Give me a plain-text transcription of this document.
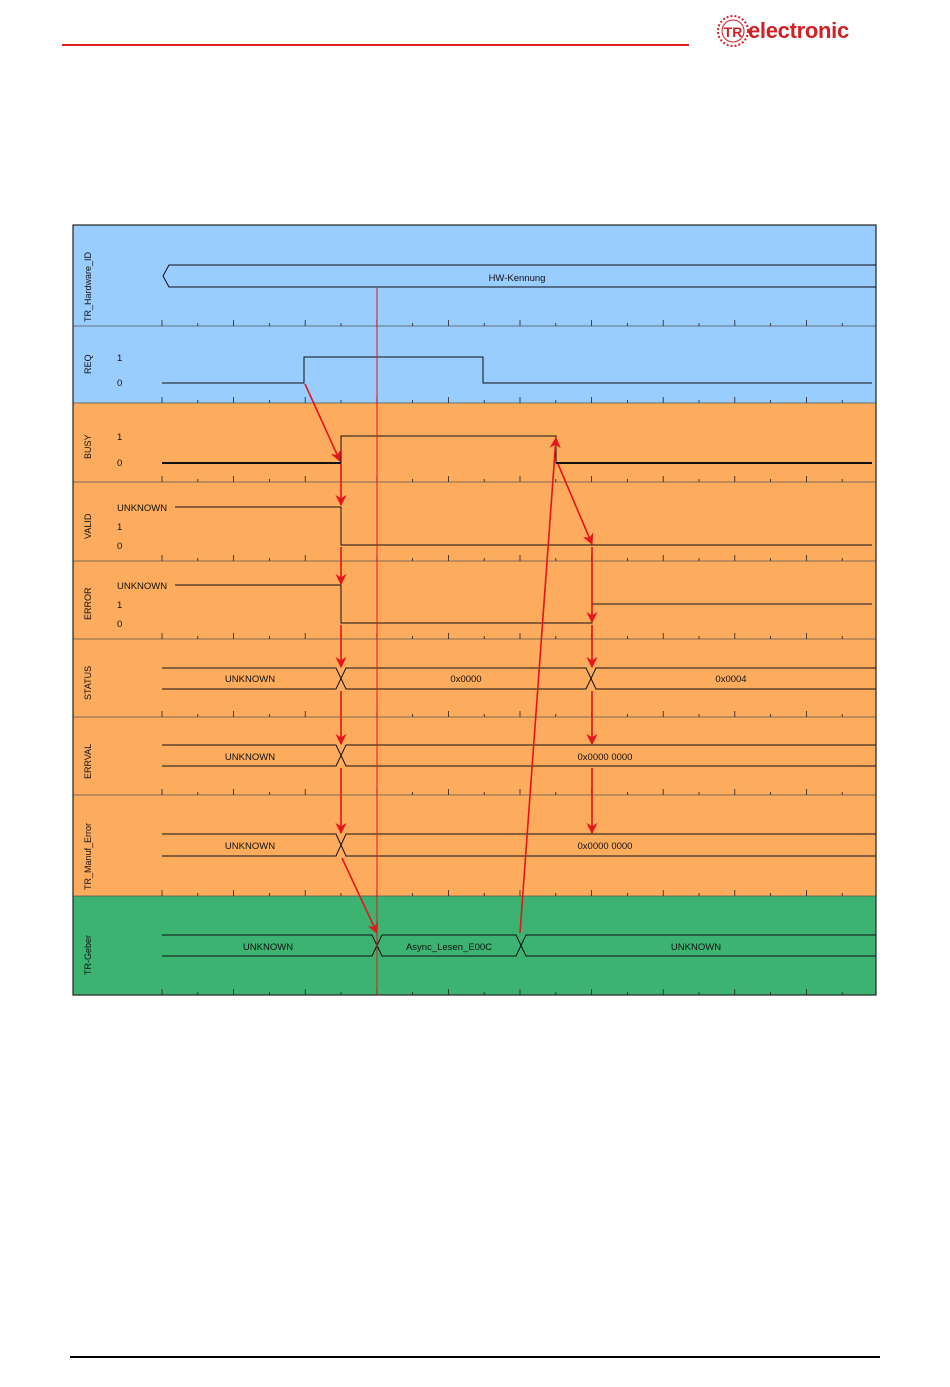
TR electronic
TR_Hardware_ID
REQ
BUSY
VALID
ERROR
STATUS
ERRVAL
TR_Manuf_Error
TR-Geber
1
0
1
0
UNKNOWN
1
0
UNKNOWN
1
0
HW-Kennung
UNKNOWN	0x0000	0x0004
UNKNOWN	0x0000 0000
UNKNOWN	0x0000 0000
UNKNOWN	Async_Lesen_E00C	UNKNOWN
